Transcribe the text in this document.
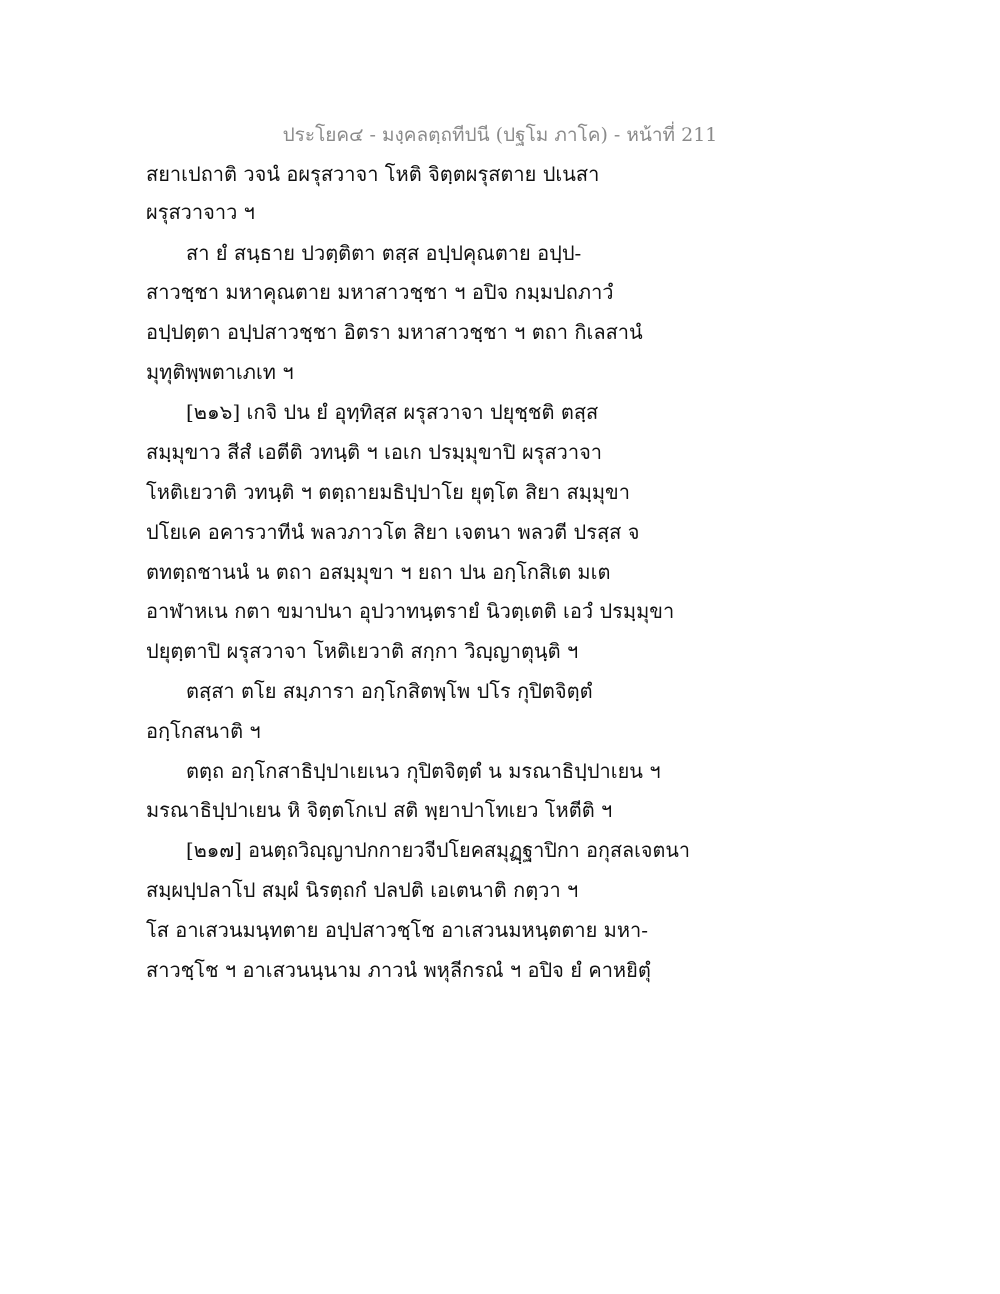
ประโยค๔ - มงฺคลตฺถทีปนี (ปฐโม ภาโค) - หน้าที่ 211
สยาเปถาติ วจนํ อผรุสวาจา โหติ จิตฺตผรุสตาย ปเนสา
ผรุสวาจาว ฯ
สา ยํ สนฺธาย ปวตฺติตา ตสฺส อปฺปคุณตาย อปฺป-
สาวชฺชา มหาคุณตาย มหาสาวชฺชา ฯ อปิจ กมฺมปถภาวํ
อปฺปตฺตา อปฺปสาวชฺชา อิตรา มหาสาวชฺชา ฯ ตถา กิเลสานํ
มุทุติพฺพตาเภเท ฯ
[๒๑๖] เกจิ ปน ยํ อุทฺทิสฺส ผรุสวาจา ปยุชฺชติ ตสฺส
สมฺมุขาว สีสํ เอตีติ วทนฺติ ฯ เอเก ปรมฺมุขาปิ ผรุสวาจา
โหติเยวาติ วทนฺติ ฯ ตตฺถายมธิปฺปาโย ยุตฺโต สิยา สมฺมุขา
ปโยเค อคารวาทีนํ พลวภาวโต สิยา เจตนา พลวตี ปรสฺส จ
ตทตฺถชานนํ น ตถา อสมฺมุขา ฯ ยถา ปน อกฺโกสิเต มเต
อาฬาหเน กตา ขมาปนา อุปวาทนฺตรายํ นิวตฺเตติ เอวํ ปรมฺมุขา
ปยุตฺตาปิ ผรุสวาจา โหติเยวาติ สกฺกา วิญฺญาตุนฺติ ฯ
ตสฺสา ตโย สมฺภารา อกฺโกสิตพฺโพ ปโร กุปิตจิตฺตํ
อกฺโกสนาติ ฯ
ตตฺถ อกฺโกสาธิปฺปาเยเนว กุปิตจิตฺตํ น มรณาธิปฺปาเยน ฯ
มรณาธิปฺปาเยน หิ จิตฺตโกเป สติ พฺยาปาโทเยว โหตีติ ฯ
[๒๑๗] อนตฺถวิญฺญาปกกายวจีปโยคสมุฏฺฐาปิกา อกุสลเจตนา
สมฺผปฺปลาโป สมฺผํ นิรตฺถกํ ปลปติ เอเตนาติ กตฺวา ฯ
โส อาเสวนมนฺทตาย อปฺปสาวชฺโช อาเสวนมหนฺตตาย มหา-
สาวชฺโช ฯ อาเสวนนฺนาม ภาวนํ พหุลีกรณํ ฯ อปิจ ยํ คาหยิตุํ
